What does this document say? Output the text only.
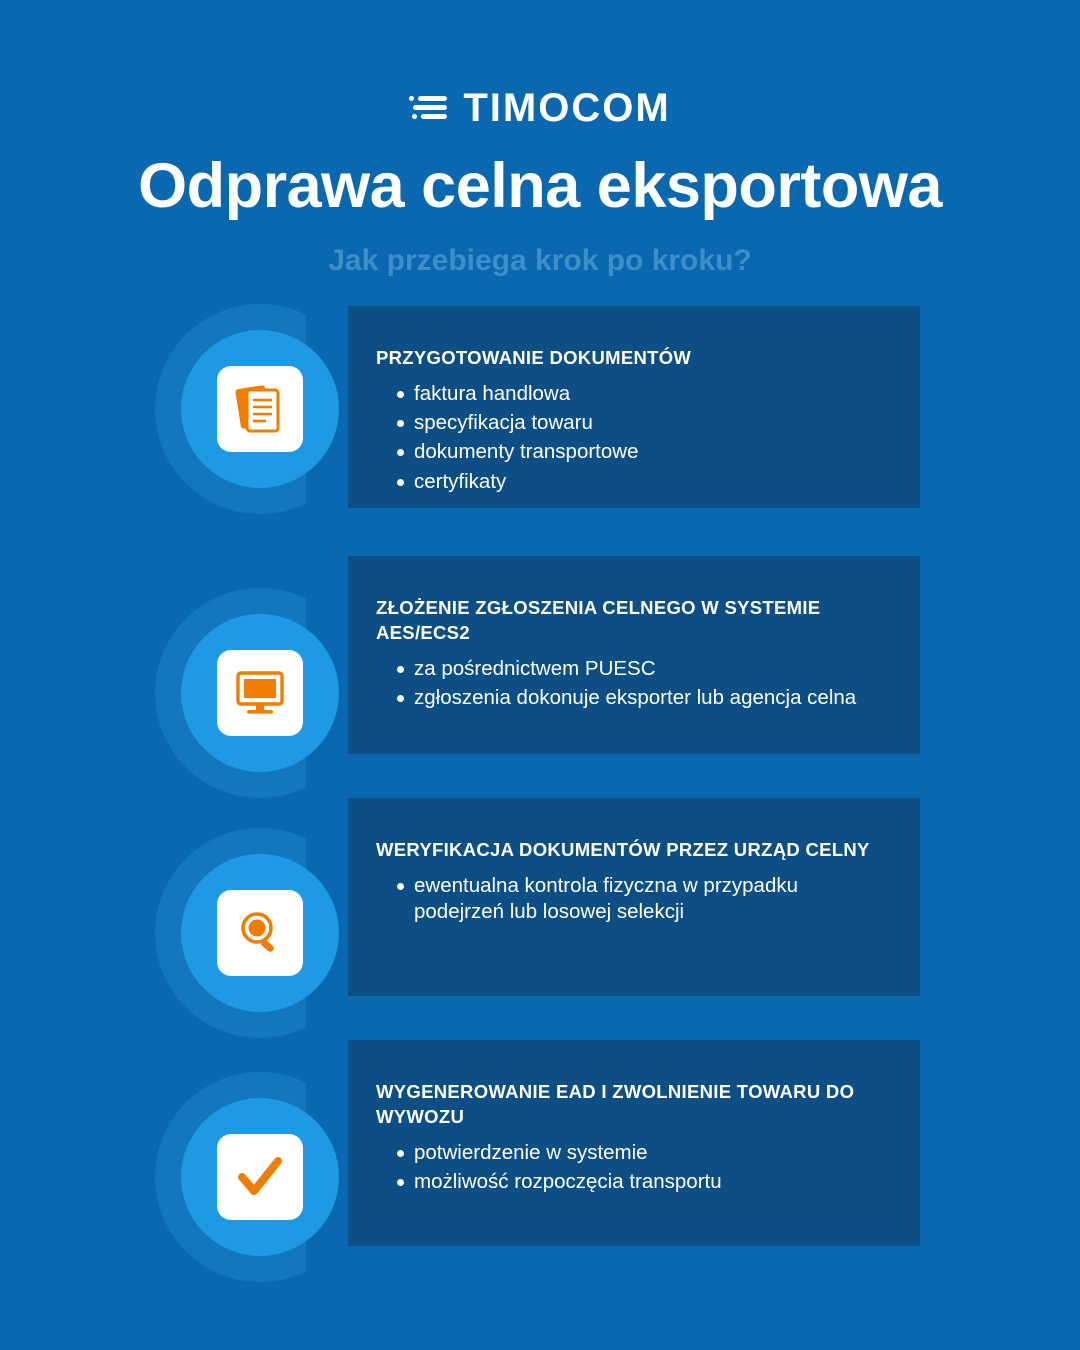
TIMOCOM
Odprawa celna eksportowa
Jak przebiega krok po kroku?
PRZYGOTOWANIE DOKUMENTÓW
faktura handlowa
specyfikacja towaru
dokumenty transportowe
certyfikaty
ZŁOŻENIE ZGŁOSZENIA CELNEGO W SYSTEMIE AES/ECS2
za pośrednictwem PUESC
zgłoszenia dokonuje eksporter lub agencja celna
WERYFIKACJA DOKUMENTÓW PRZEZ URZĄD CELNY
ewentualna kontrola fizyczna w przypadku podejrzeń lub losowej selekcji
WYGENEROWANIE EAD I ZWOLNIENIE TOWARU DO WYWOZU
potwierdzenie w systemie
możliwość rozpoczęcia transportu
